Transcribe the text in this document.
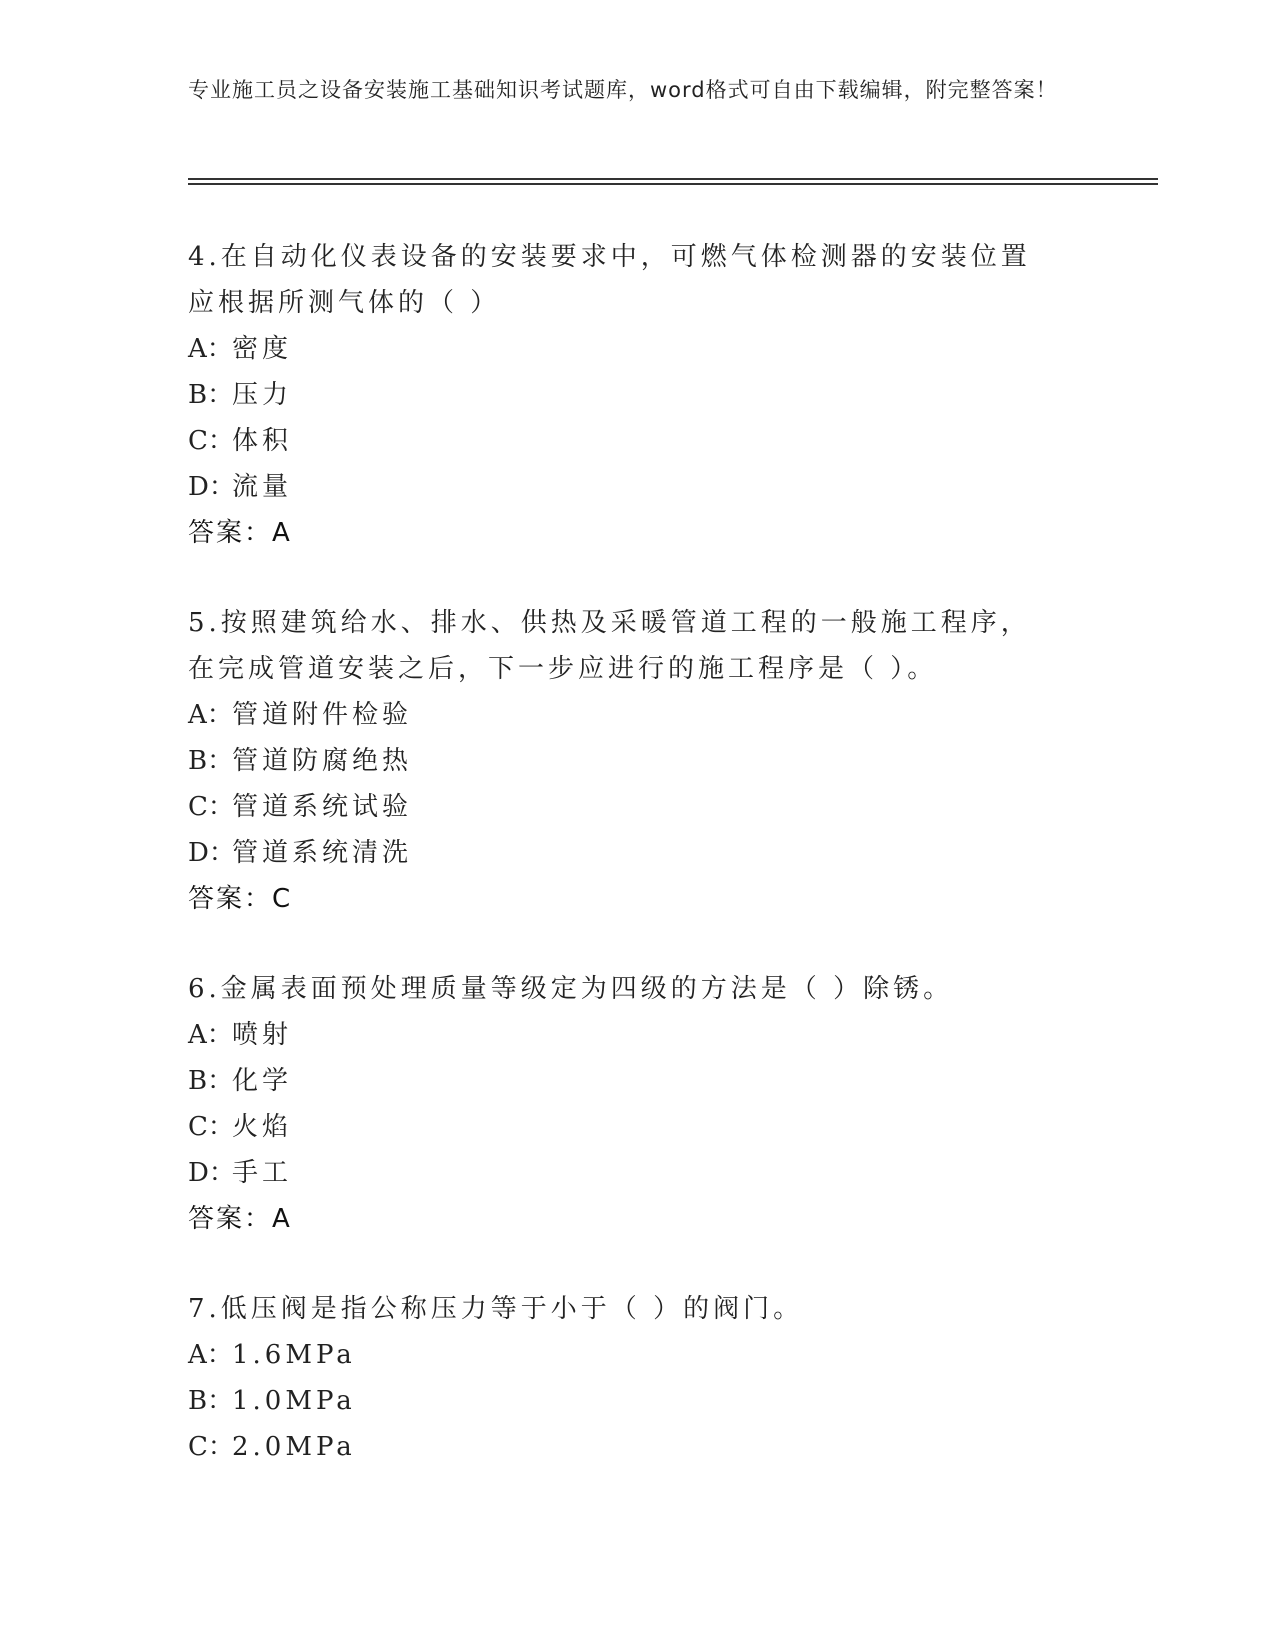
专业施工员之设备安装施工基础知识考试题库，word格式可自由下载编辑，附完整答案！

4.在自动化仪表设备的安装要求中，可燃气体检测器的安装位置应根据所测气体的（ ）

A：密度
B：压力
C：体积
D：流量
答案：A

5.按照建筑给水、排水、供热及采暖管道工程的一般施工程序，在完成管道安装之后，下一步应进行的施工程序是（ ）。

A：管道附件检验
B：管道防腐绝热
C：管道系统试验
D：管道系统清洗
答案：C

6.金属表面预处理质量等级定为四级的方法是（ ）除锈。

A：喷射
B：化学
C：火焰
D：手工
答案：A

7.低压阀是指公称压力等于小于（ ）的阀门。

A：1.6MPa
B：1.0MPa
C：2.0MPa
